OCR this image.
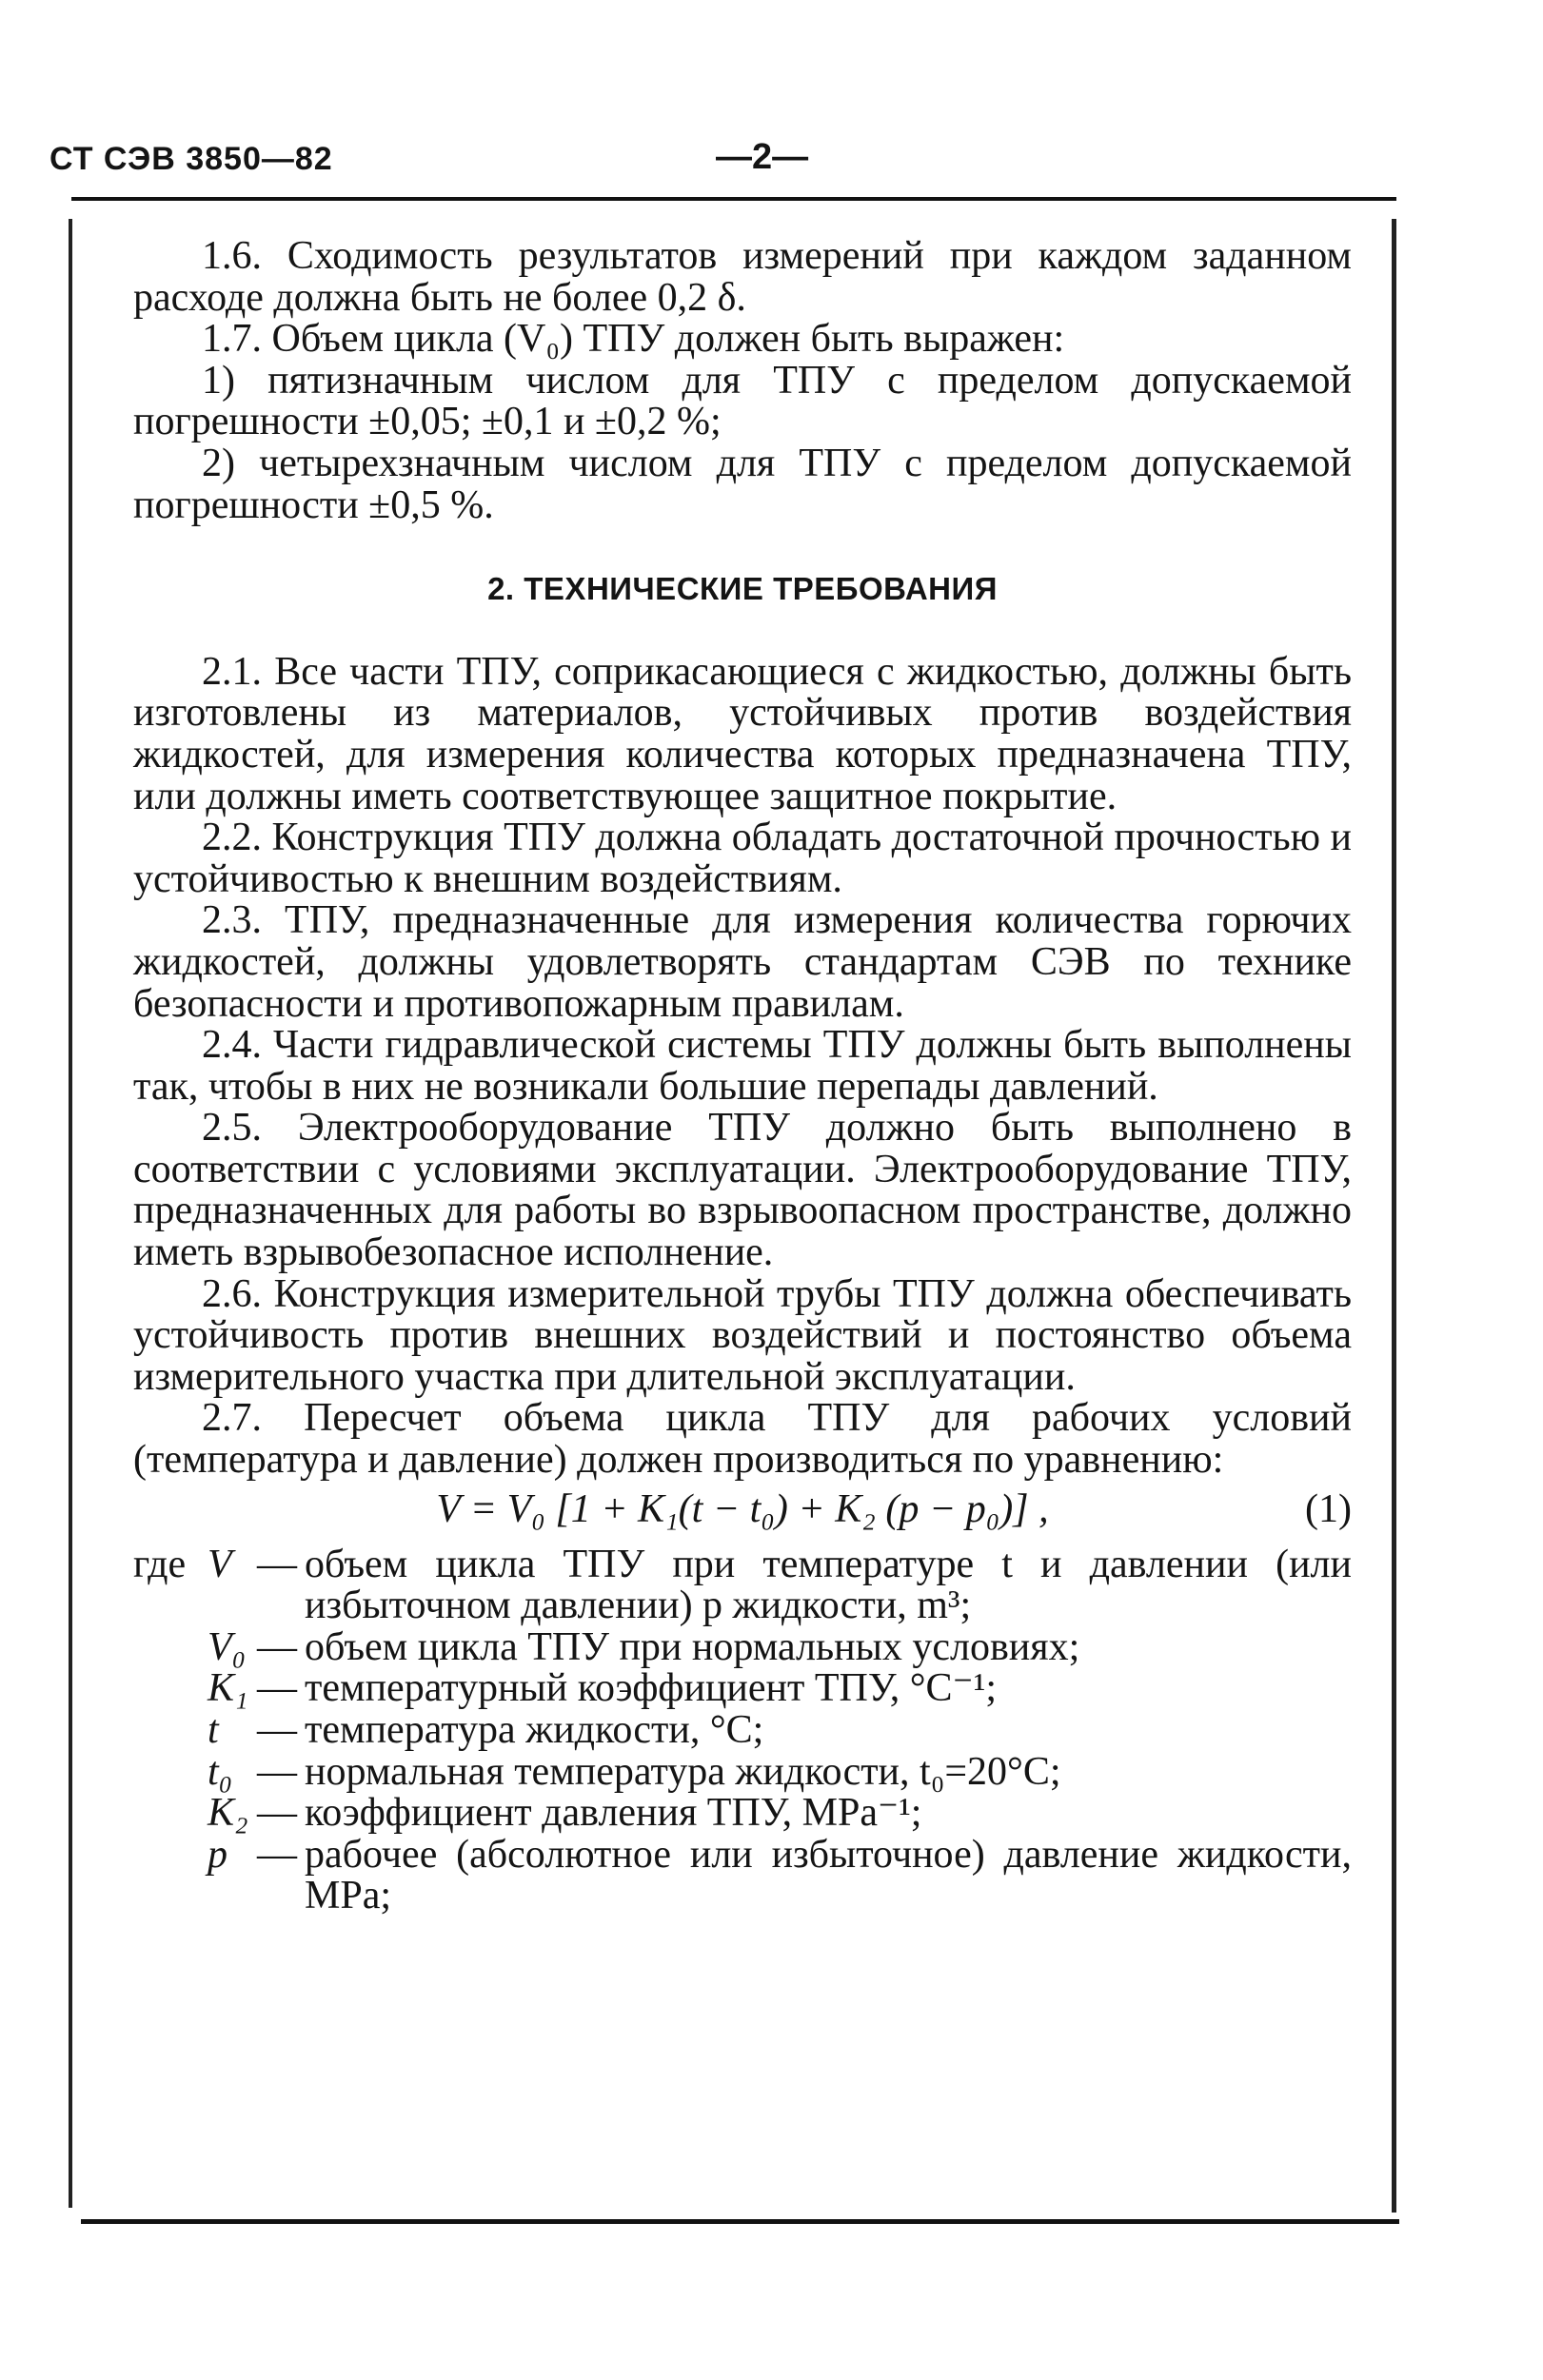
СТ СЭВ 3850—82	—2—

1.6. Сходимость результатов измерений при каждом заданном расходе должна быть не более 0,2 δ.

1.7. Объем цикла (V₀) ТПУ должен быть выражен:

1) пятизначным числом для ТПУ с пределом допускаемой погрешности ±0,05; ±0,1 и ±0,2 %;

2) четырехзначным числом для ТПУ с пределом допускаемой погрешности ±0,5 %.

2. ТЕХНИЧЕСКИЕ ТРЕБОВАНИЯ

2.1. Все части ТПУ, соприкасающиеся с жидкостью, должны быть изготовлены из материалов, устойчивых против воздействия жидкостей, для измерения количества которых предназначена ТПУ, или должны иметь соответствующее защитное покрытие.

2.2. Конструкция ТПУ должна обладать достаточной прочностью и устойчивостью к внешним воздействиям.

2.3. ТПУ, предназначенные для измерения количества горючих жидкостей, должны удовлетворять стандартам СЭВ по технике безопасности и противопожарным правилам.

2.4. Части гидравлической системы ТПУ должны быть выполнены так, чтобы в них не возникали большие перепады давлений.

2.5. Электрооборудование ТПУ должно быть выполнено в соответствии с условиями эксплуатации. Электрооборудование ТПУ, предназначенных для работы во взрывоопасном пространстве, должно иметь взрывобезопасное исполнение.

2.6. Конструкция измерительной трубы ТПУ должна обеспечивать устойчивость против внешних воздействий и постоянство объема измерительного участка при длительной эксплуатации.

2.7. Пересчет объема цикла ТПУ для рабочих условий (температура и давление) должен производиться по уравнению:

V = V₀ [1 + K₁(t − t₀) + K₂ (p − p₀)] ,	(1)
где V — объем цикла ТПУ при температуре t и давлении (или избыточном давлении) p жидкости, m³;
V₀ — объем цикла ТПУ при нормальных условиях;
K₁ — температурный коэффициент ТПУ, °С⁻¹;
t — температура жидкости, °С;
t₀ — нормальная температура жидкости, t₀=20°С;
K₂ — коэффициент давления ТПУ, МРа⁻¹;
p — рабочее (абсолютное или избыточное) давление жидкости, МРа;
